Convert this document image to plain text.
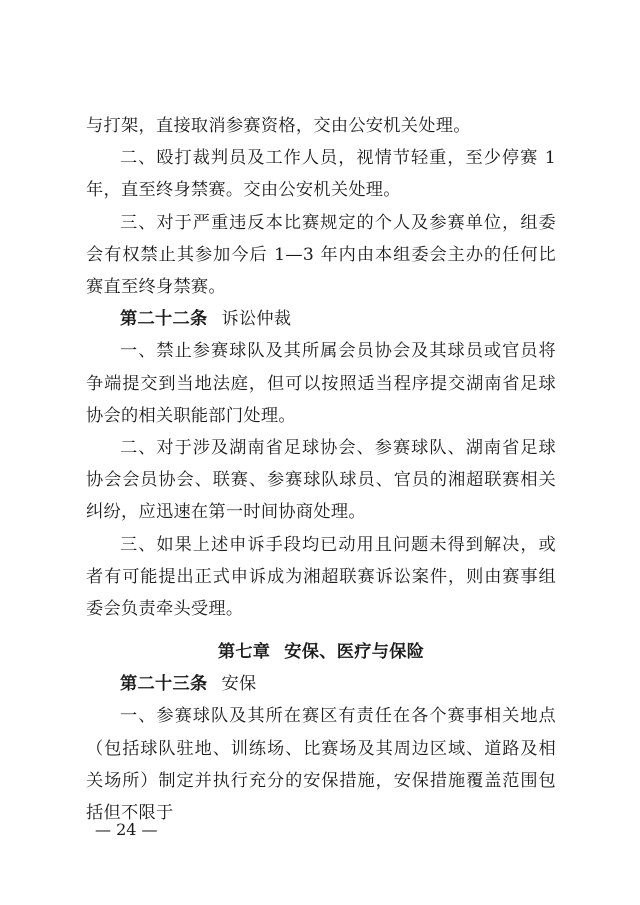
与打架，直接取消参赛资格，交由公安机关处理。

二、殴打裁判员及工作人员，视情节轻重，至少停赛 1 年，直至终身禁赛。交由公安机关处理。

三、对于严重违反本比赛规定的个人及参赛单位，组委会有权禁止其参加今后 1—3 年内由本组委会主办的任何比赛直至终身禁赛。

第二十二条 诉讼仲裁

一、禁止参赛球队及其所属会员协会及其球员或官员将争端提交到当地法庭，但可以按照适当程序提交湖南省足球协会的相关职能部门处理。

二、对于涉及湖南省足球协会、参赛球队、湖南省足球协会会员协会、联赛、参赛球队球员、官员的湘超联赛相关纠纷，应迅速在第一时间协商处理。

三、如果上述申诉手段均已动用且问题未得到解决，或者有可能提出正式申诉成为湘超联赛诉讼案件，则由赛事组委会负责牵头受理。

第七章 安保、医疗与保险

第二十三条 安保

一、参赛球队及其所在赛区有责任在各个赛事相关地点（包括球队驻地、训练场、比赛场及其周边区域、道路及相关场所）制定并执行充分的安保措施，安保措施覆盖范围包括但不限于

— 24 —
